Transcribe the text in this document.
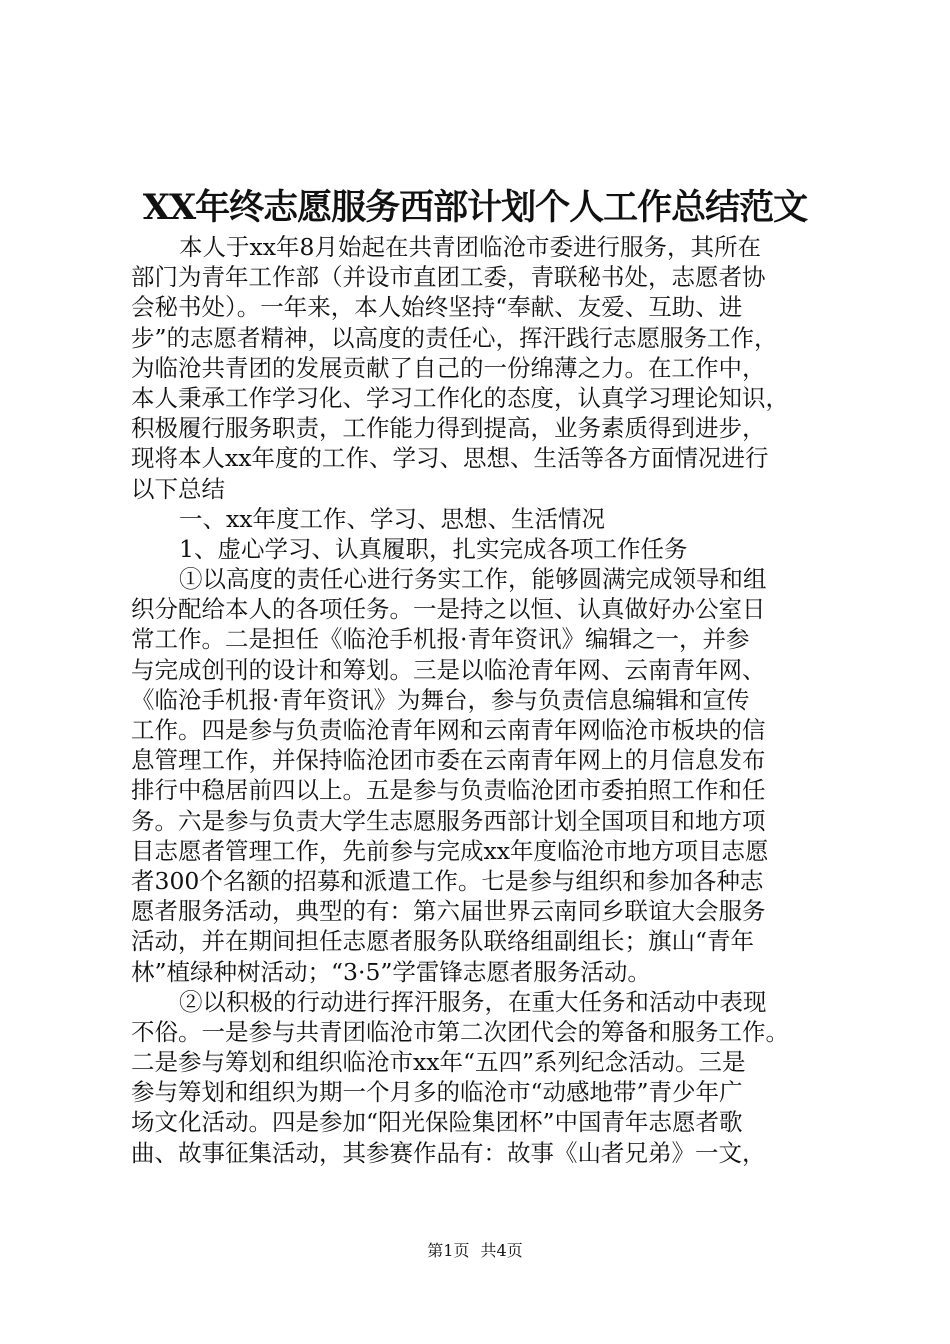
XX年终志愿服务西部计划个人工作总结范文
本人于xx年8月始起在共青团临沧市委进行服务，其所在
部门为青年工作部（并设市直团工委，青联秘书处，志愿者协
会秘书处）。一年来，本人始终坚持“奉献、友爱、互助、进
步”的志愿者精神，以高度的责任心，挥汗践行志愿服务工作，
为临沧共青团的发展贡献了自己的一份绵薄之力。在工作中，
本人秉承工作学习化、学习工作化的态度，认真学习理论知识，
积极履行服务职责，工作能力得到提高，业务素质得到进步，
现将本人xx年度的工作、学习、思想、生活等各方面情况进行
以下总结
一、xx年度工作、学习、思想、生活情况
1、虚心学习、认真履职，扎实完成各项工作任务
①以高度的责任心进行务实工作，能够圆满完成领导和组
织分配给本人的各项任务。一是持之以恒、认真做好办公室日
常工作。二是担任《临沧手机报·青年资讯》编辑之一，并参
与完成创刊的设计和筹划。三是以临沧青年网、云南青年网、
《临沧手机报·青年资讯》为舞台，参与负责信息编辑和宣传
工作。四是参与负责临沧青年网和云南青年网临沧市板块的信
息管理工作，并保持临沧团市委在云南青年网上的月信息发布
排行中稳居前四以上。五是参与负责临沧团市委拍照工作和任
务。六是参与负责大学生志愿服务西部计划全国项目和地方项
目志愿者管理工作，先前参与完成xx年度临沧市地方项目志愿
者300个名额的招募和派遣工作。七是参与组织和参加各种志
愿者服务活动，典型的有：第六届世界云南同乡联谊大会服务
活动，并在期间担任志愿者服务队联络组副组长；旗山“青年
林”植绿种树活动；“3·5”学雷锋志愿者服务活动。
②以积极的行动进行挥汗服务，在重大任务和活动中表现
不俗。一是参与共青团临沧市第二次团代会的筹备和服务工作。
二是参与筹划和组织临沧市xx年“五四”系列纪念活动。三是
参与筹划和组织为期一个月多的临沧市“动感地带”青少年广
场文化活动。四是参加“阳光保险集团杯”中国青年志愿者歌
曲、故事征集活动，其参赛作品有：故事《山者兄弟》一文，
第1页 共4页
